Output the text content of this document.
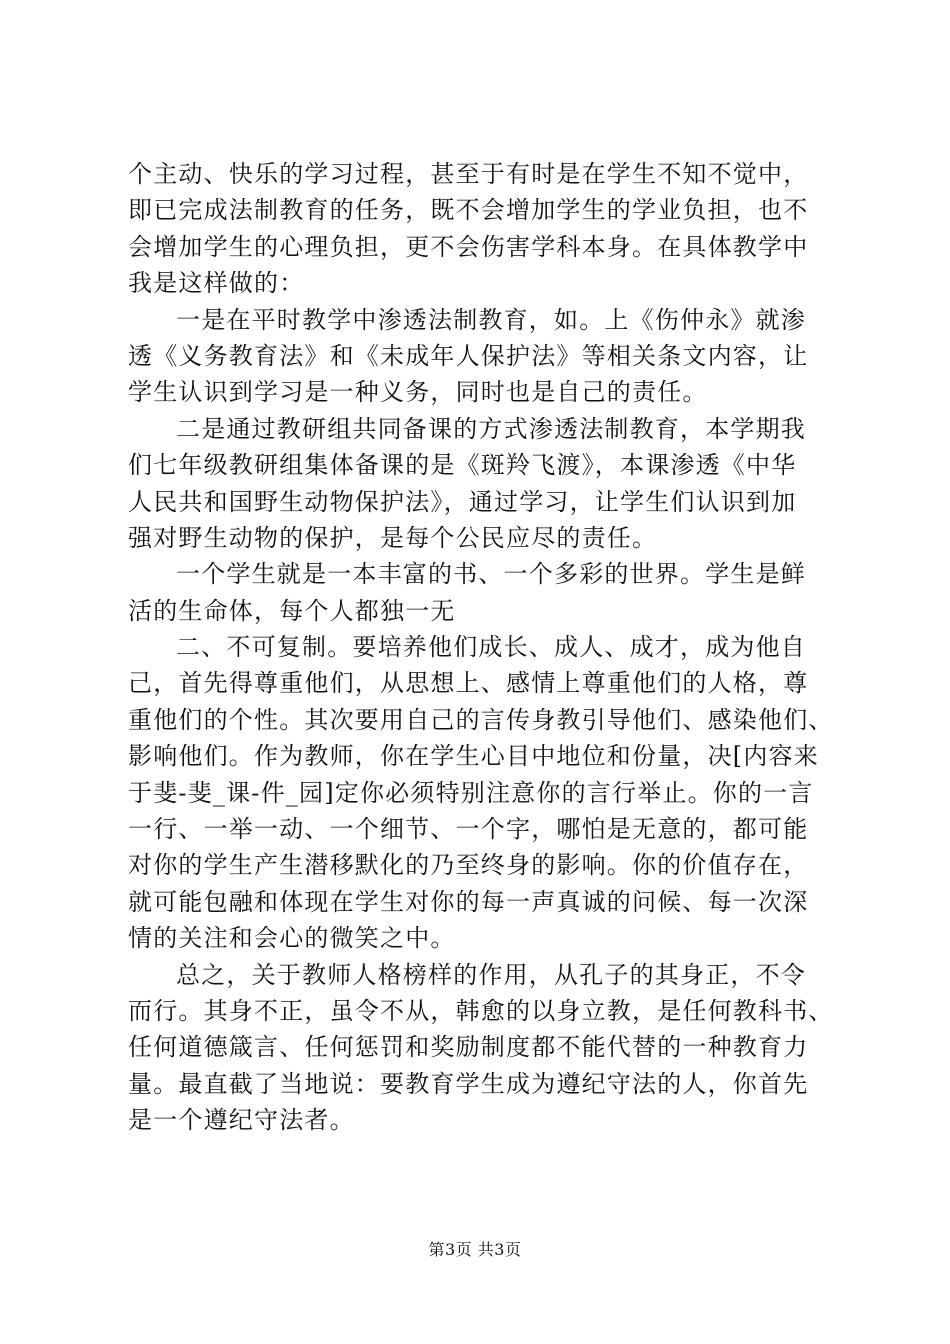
个主动、快乐的学习过程，甚至于有时是在学生不知不觉中，
即已完成法制教育的任务，既不会增加学生的学业负担，也不
会增加学生的心理负担，更不会伤害学科本身。在具体教学中
我是这样做的：
一是在平时教学中渗透法制教育，如。上《伤仲永》就渗
透《义务教育法》和《未成年人保护法》等相关条文内容，让
学生认识到学习是一种义务，同时也是自己的责任。
二是通过教研组共同备课的方式渗透法制教育，本学期我
们七年级教研组集体备课的是《斑羚飞渡》，本课渗透《中华
人民共和国野生动物保护法》，通过学习，让学生们认识到加
强对野生动物的保护，是每个公民应尽的责任。
一个学生就是一本丰富的书、一个多彩的世界。学生是鲜
活的生命体，每个人都独一无
二、不可复制。要培养他们成长、成人、成才，成为他自
己，首先得尊重他们，从思想上、感情上尊重他们的人格，尊
重他们的个性。其次要用自己的言传身教引导他们、感染他们、
影响他们。作为教师，你在学生心目中地位和份量，决[内容来
于斐-斐_课-件_园]定你必须特别注意你的言行举止。你的一言
一行、一举一动、一个细节、一个字，哪怕是无意的，都可能
对你的学生产生潜移默化的乃至终身的影响。你的价值存在，
就可能包融和体现在学生对你的每一声真诚的问候、每一次深
情的关注和会心的微笑之中。
总之，关于教师人格榜样的作用，从孔子的其身正，不令
而行。其身不正，虽令不从，韩愈的以身立教，是任何教科书、
任何道德箴言、任何惩罚和奖励制度都不能代替的一种教育力
量。最直截了当地说：要教育学生成为遵纪守法的人，你首先
是一个遵纪守法者。
第3页 共3页
